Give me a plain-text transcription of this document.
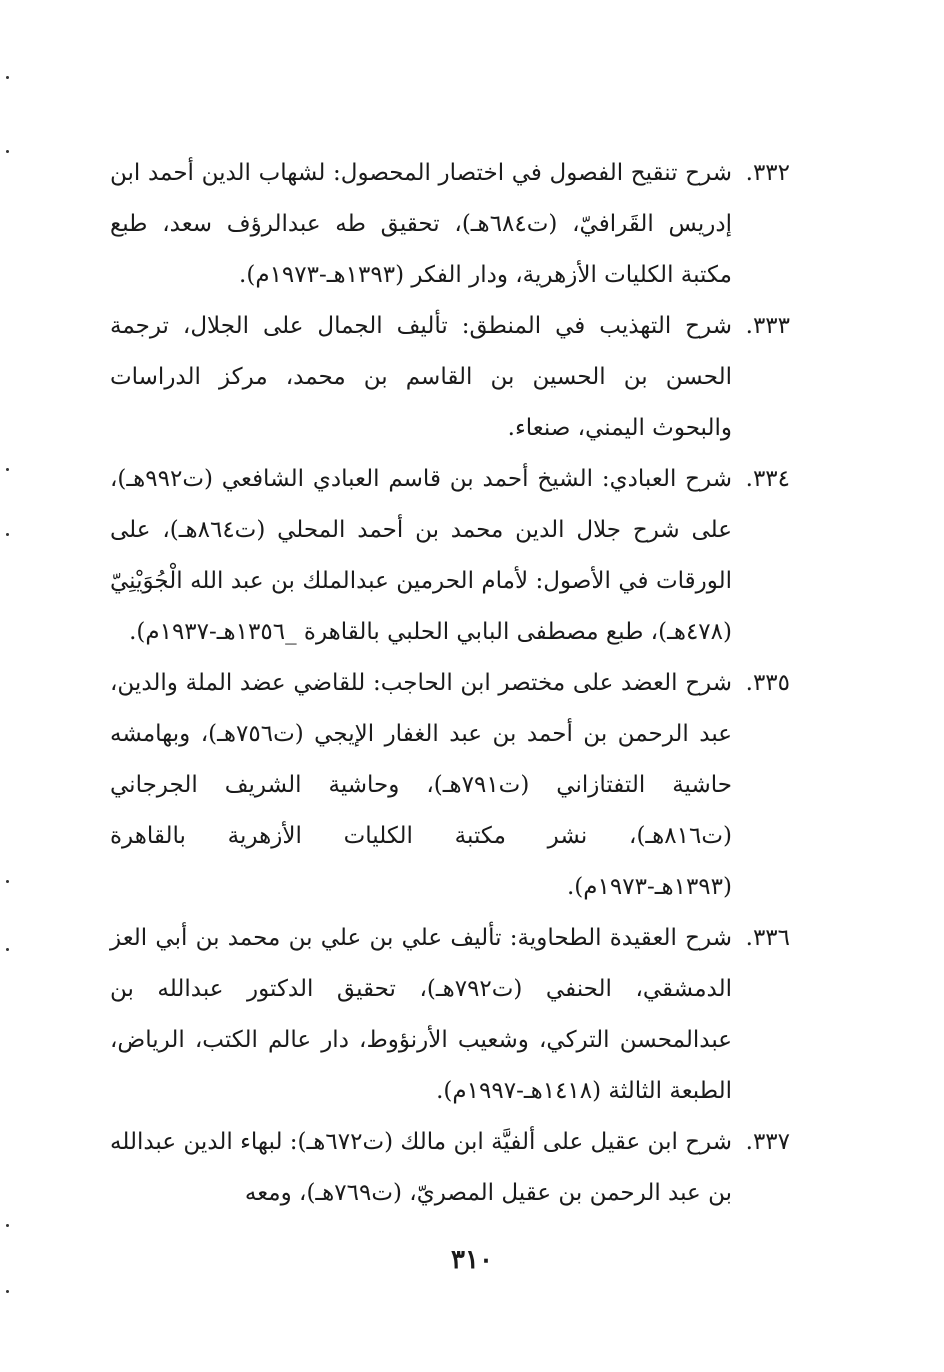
٣٣٢.شرح تنقيح الفصول في اختصار المحصول: لشهاب الدين أحمد ابن إدريس القَرافيّ، (ت٦٨٤هـ)، تحقيق طه عبدالرؤف سعد، طبع مكتبة الكليات الأزهرية، ودار الفكر (١٣٩٣هـ-١٩٧٣م).

٣٣٣.شرح التهذيب في المنطق: تأليف الجمال على الجلال، ترجمة الحسن بن الحسين بن القاسم بن محمد، مركز الدراسات والبحوث اليمني، صنعاء.

٣٣٤.شرح العبادي: الشيخ أحمد بن قاسم العبادي الشافعي (ت٩٩٢هـ)، على شرح جلال الدين محمد بن أحمد المحلي (ت٨٦٤هـ)، على الورقات في الأصول: لأمام الحرمين عبدالملك بن عبد الله الْجُوَيْنِيّ (٤٧٨هـ)، طبع مصطفى البابي الحلبي بالقاهرة _١٣٥٦هـ-١٩٣٧م).

٣٣٥.شرح العضد على مختصر ابن الحاجب: للقاضي عضد الملة والدين، عبد الرحمن بن أحمد بن عبد الغفار الإيجي (ت٧٥٦هـ)، وبهامشه حاشية التفتازاني (ت٧٩١هـ)، وحاشية الشريف الجرجاني (ت٨١٦هـ)، نشر مكتبة الكليات الأزهرية بالقاهرة (١٣٩٣هـ-١٩٧٣م).

٣٣٦.شرح العقيدة الطحاوية: تأليف علي بن علي بن محمد بن أبي العز الدمشقي، الحنفي (ت٧٩٢هـ)، تحقيق الدكتور عبدالله بن عبدالمحسن التركي، وشعيب الأرنؤوط، دار عالم الكتب، الرياض، الطبعة الثالثة (١٤١٨هـ-١٩٩٧م).

٣٣٧.شرح ابن عقيل على ألفيَّة ابن مالك (ت٦٧٢هـ): لبهاء الدين عبدالله بن عبد الرحمن بن عقيل المصريّ، (ت٧٦٩هـ)، ومعه

٣١٠
